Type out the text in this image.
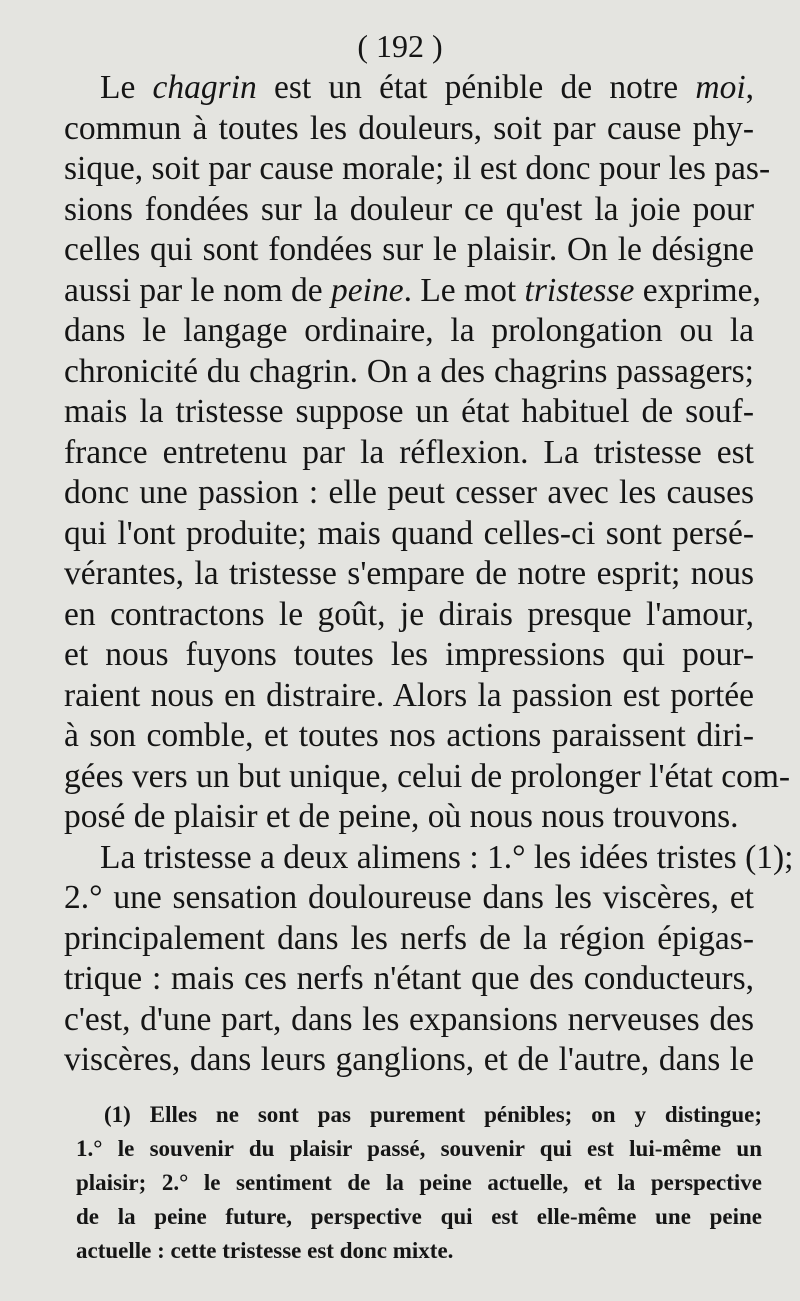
( 192 )

Le chagrin est un état pénible de notre moi,
commun à toutes les douleurs, soit par cause phy-
sique, soit par cause morale; il est donc pour les pas-
sions fondées sur la douleur ce qu'est la joie pour
celles qui sont fondées sur le plaisir. On le désigne
aussi par le nom de peine. Le mot tristesse exprime,
dans le langage ordinaire, la prolongation ou la
chronicité du chagrin. On a des chagrins passagers;
mais la tristesse suppose un état habituel de souf-
france entretenu par la réflexion. La tristesse est
donc une passion : elle peut cesser avec les causes
qui l'ont produite; mais quand celles-ci sont persé-
vérantes, la tristesse s'empare de notre esprit; nous
en contractons le goût, je dirais presque l'amour,
et nous fuyons toutes les impressions qui pour-
raient nous en distraire. Alors la passion est portée
à son comble, et toutes nos actions paraissent diri-
gées vers un but unique, celui de prolonger l'état com-
posé de plaisir et de peine, où nous nous trouvons.

La tristesse a deux alimens : 1.° les idées tristes (1);
2.° une sensation douloureuse dans les viscères, et
principalement dans les nerfs de la région épigas-
trique : mais ces nerfs n'étant que des conducteurs,
c'est, d'une part, dans les expansions nerveuses des
viscères, dans leurs ganglions, et de l'autre, dans le

(1) Elles ne sont pas purement pénibles; on y distingue;
1.° le souvenir du plaisir passé, souvenir qui est lui-même un
plaisir; 2.° le sentiment de la peine actuelle, et la perspective
de la peine future, perspective qui est elle-même une peine
actuelle : cette tristesse est donc mixte.
